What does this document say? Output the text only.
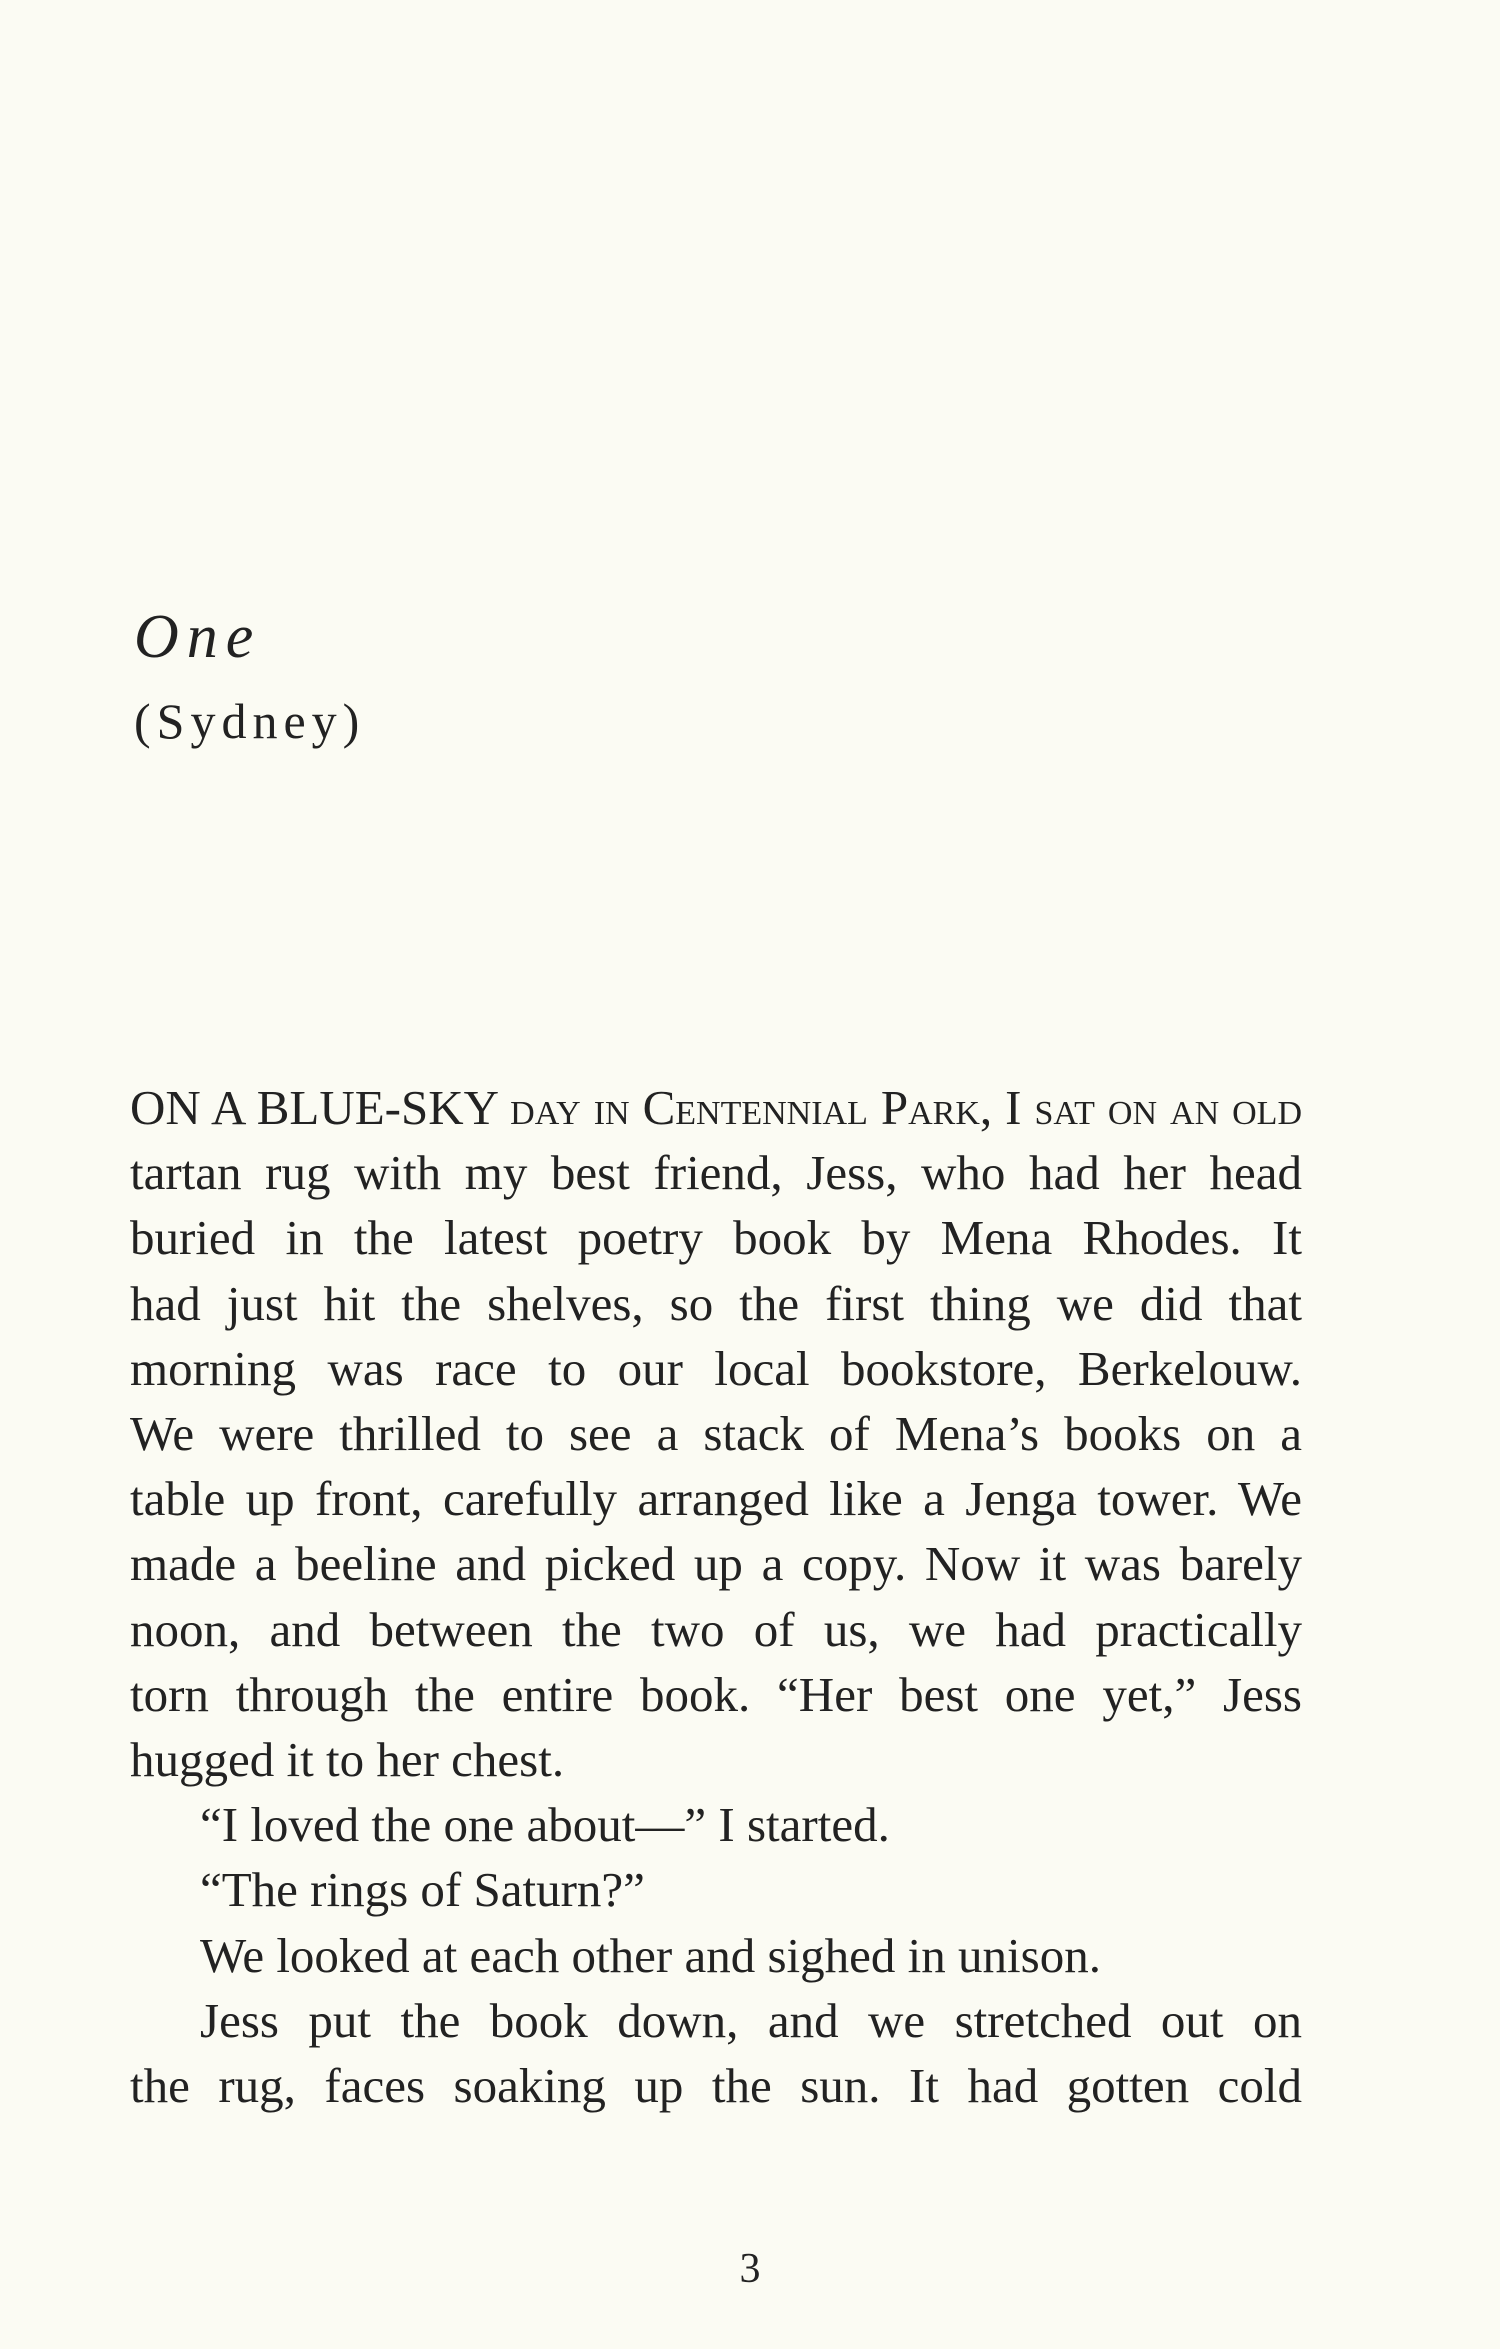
One
(Sydney)
ON A BLUE-SKY day in Centennial Park, I sat on an old
tartan rug with my best friend, Jess, who had her head
buried in the latest poetry book by Mena Rhodes. It
had just hit the shelves, so the first thing we did that
morning was race to our local bookstore, Berkelouw.
We were thrilled to see a stack of Mena’s books on a
table up front, carefully arranged like a Jenga tower. We
made a beeline and picked up a copy. Now it was barely
noon, and between the two of us, we had practically
torn through the entire book. “Her best one yet,” Jess
hugged it to her chest.
“I loved the one about—” I started.
“The rings of Saturn?”
We looked at each other and sighed in unison.
Jess put the book down, and we stretched out on
the rug, faces soaking up the sun. It had gotten cold
3
